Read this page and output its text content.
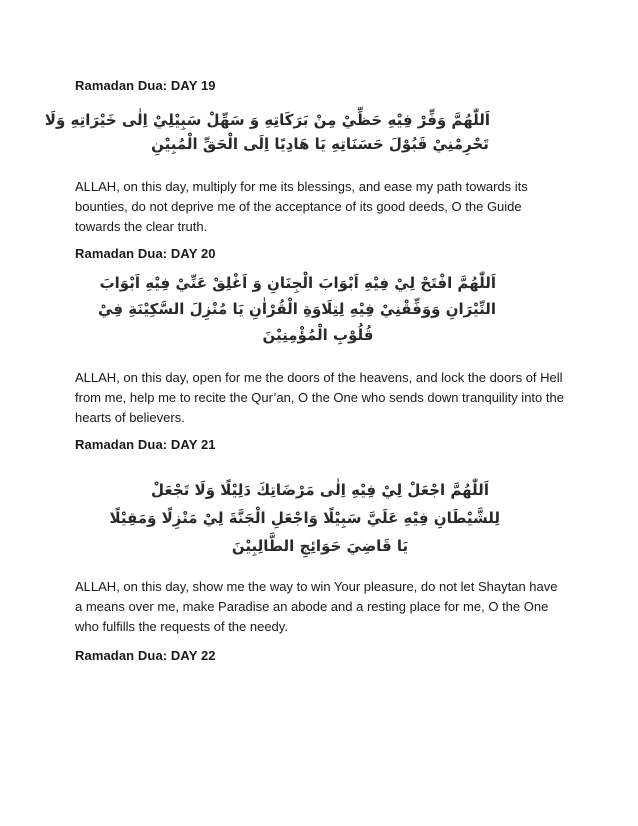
Ramadan Dua: DAY 19

اَللّٰهُمَّ وَفِّرْ فِيْهِ حَظِّيْ مِنْ بَرَكَاتِهِ وَ سَهِّلْ سَبِيْلِيْ اِلٰى خَيْرَاتِهِ وَلَا
تَحْرِمْنِيْ قَبُوْلَ حَسَنَاتِهِ يَا هَادِيًا اِلَى الْحَقِّ الْمُبِيْنِ

ALLAH, on this day, multiply for me its blessings, and ease my path towards its bounties, do not deprive me of the acceptance of its good deeds, O the Guide towards the clear truth.

Ramadan Dua: DAY 20

اَللّٰهُمَّ افْتَحْ لِيْ فِيْهِ اَبْوَابَ الْجِنَانِ وَ اَغْلِقْ عَنِّيْ فِيْهِ اَبْوَابَ
النِّيْرَانِ وَوَفِّقْنِيْ فِيْهِ لِتِلَاوَةِ الْقُرْاٰنِ يَا مُنْزِلَ السَّكِيْنَةِ فِيْ
قُلُوْبِ الْمُؤْمِنِيْنَ

ALLAH, on this day, open for me the doors of the heavens, and lock the doors of Hell from me, help me to recite the Qur’an, O the One who sends down tranquility into the hearts of believers.

Ramadan Dua: DAY 21

اَللّٰهُمَّ اجْعَلْ لِيْ فِيْهِ اِلٰى مَرْضَاتِكَ دَلِيْلًا وَلَا تَجْعَلْ
لِلشَّيْطَانِ فِيْهِ عَلَيَّ سَبِيْلًا وَاجْعَلِ الْجَنَّةَ لِيْ مَنْزِلًا وَمَقِيْلًا
يَا قَاضِيَ حَوَائِجِ الطَّالِبِيْنَ

ALLAH, on this day, show me the way to win Your pleasure, do not let Shaytan have a means over me, make Paradise an abode and a resting place for me, O the One who fulfills the requests of the needy.

Ramadan Dua: DAY 22
